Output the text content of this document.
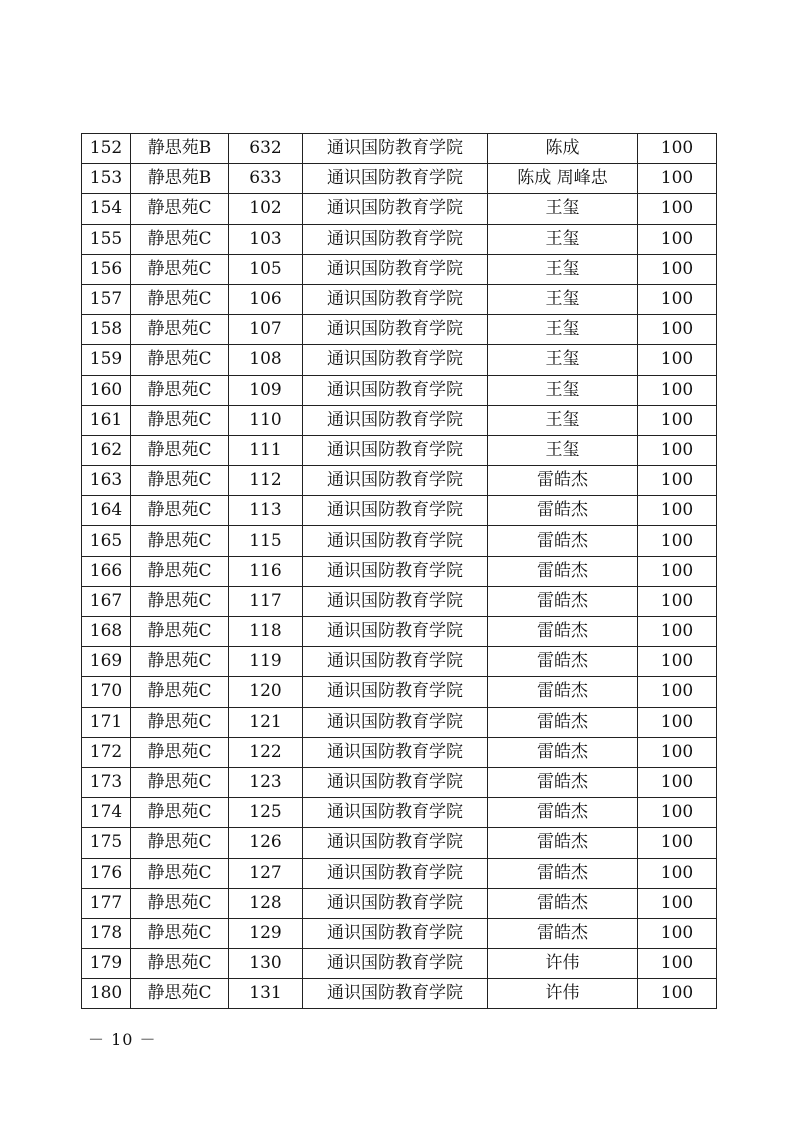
152	静思苑B	632	通识国防教育学院	陈成	100
153	静思苑B	633	通识国防教育学院	陈成 周峰忠	100
154	静思苑C	102	通识国防教育学院	王玺	100
155	静思苑C	103	通识国防教育学院	王玺	100
156	静思苑C	105	通识国防教育学院	王玺	100
157	静思苑C	106	通识国防教育学院	王玺	100
158	静思苑C	107	通识国防教育学院	王玺	100
159	静思苑C	108	通识国防教育学院	王玺	100
160	静思苑C	109	通识国防教育学院	王玺	100
161	静思苑C	110	通识国防教育学院	王玺	100
162	静思苑C	111	通识国防教育学院	王玺	100
163	静思苑C	112	通识国防教育学院	雷皓杰	100
164	静思苑C	113	通识国防教育学院	雷皓杰	100
165	静思苑C	115	通识国防教育学院	雷皓杰	100
166	静思苑C	116	通识国防教育学院	雷皓杰	100
167	静思苑C	117	通识国防教育学院	雷皓杰	100
168	静思苑C	118	通识国防教育学院	雷皓杰	100
169	静思苑C	119	通识国防教育学院	雷皓杰	100
170	静思苑C	120	通识国防教育学院	雷皓杰	100
171	静思苑C	121	通识国防教育学院	雷皓杰	100
172	静思苑C	122	通识国防教育学院	雷皓杰	100
173	静思苑C	123	通识国防教育学院	雷皓杰	100
174	静思苑C	125	通识国防教育学院	雷皓杰	100
175	静思苑C	126	通识国防教育学院	雷皓杰	100
176	静思苑C	127	通识国防教育学院	雷皓杰	100
177	静思苑C	128	通识国防教育学院	雷皓杰	100
178	静思苑C	129	通识国防教育学院	雷皓杰	100
179	静思苑C	130	通识国防教育学院	许伟	100
180	静思苑C	131	通识国防教育学院	许伟	100
－ 10 －
